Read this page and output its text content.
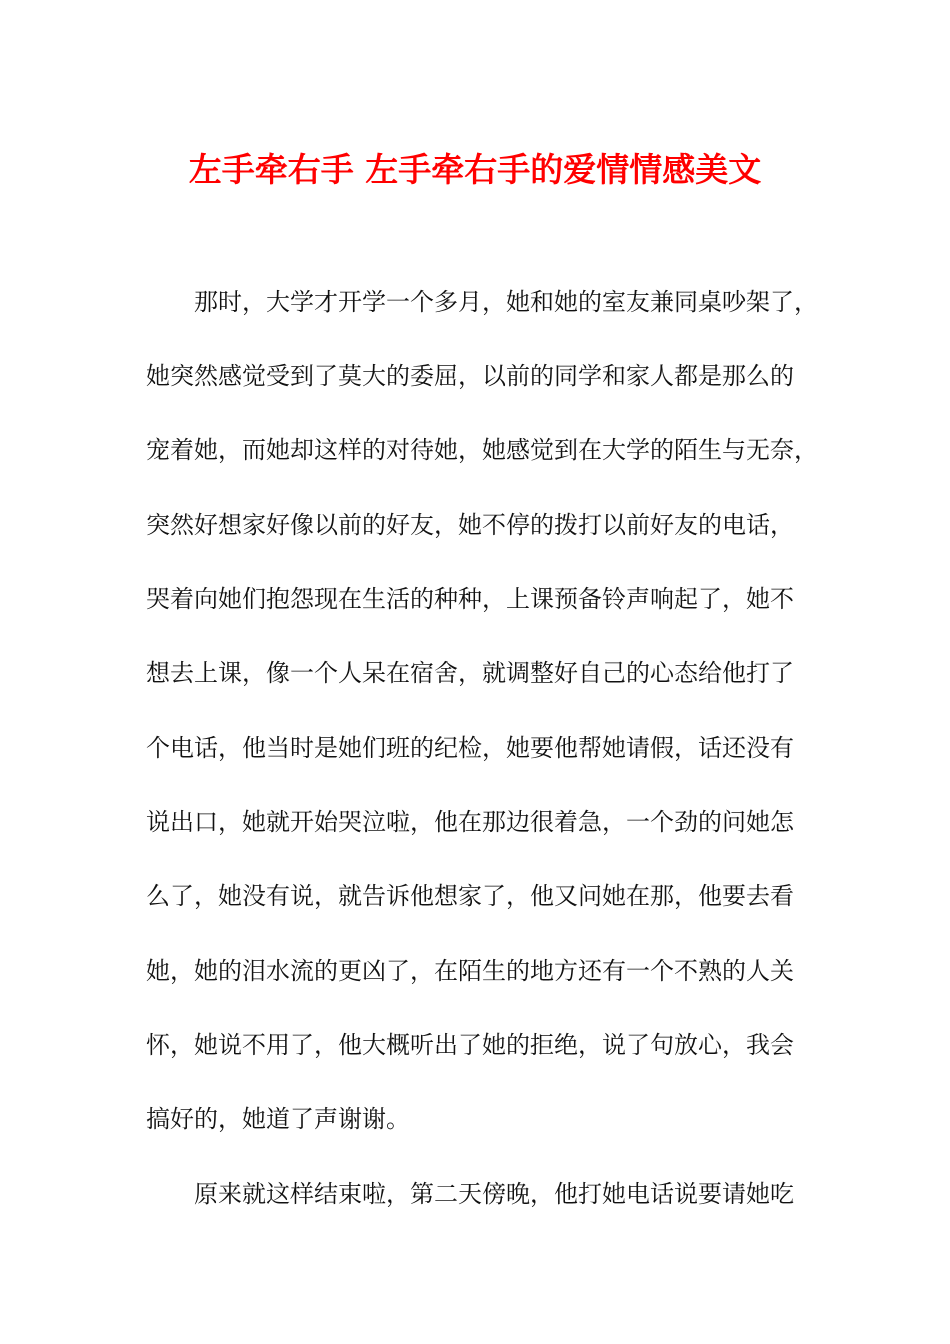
左手牵右手 左手牵右手的爱情情感美文

那时，大学才开学一个多月，她和她的室友兼同桌吵架了，

她突然感觉受到了莫大的委屈，以前的同学和家人都是那么的

宠着她，而她却这样的对待她，她感觉到在大学的陌生与无奈，

突然好想家好像以前的好友，她不停的拨打以前好友的电话，

哭着向她们抱怨现在生活的种种，上课预备铃声响起了，她不

想去上课，像一个人呆在宿舍，就调整好自己的心态给他打了

个电话，他当时是她们班的纪检，她要他帮她请假，话还没有

说出口，她就开始哭泣啦，他在那边很着急，一个劲的问她怎

么了，她没有说，就告诉他想家了，他又问她在那，他要去看

她，她的泪水流的更凶了，在陌生的地方还有一个不熟的人关

怀，她说不用了，他大概听出了她的拒绝，说了句放心，我会

搞好的，她道了声谢谢。

原来就这样结束啦，第二天傍晚，他打她电话说要请她吃
